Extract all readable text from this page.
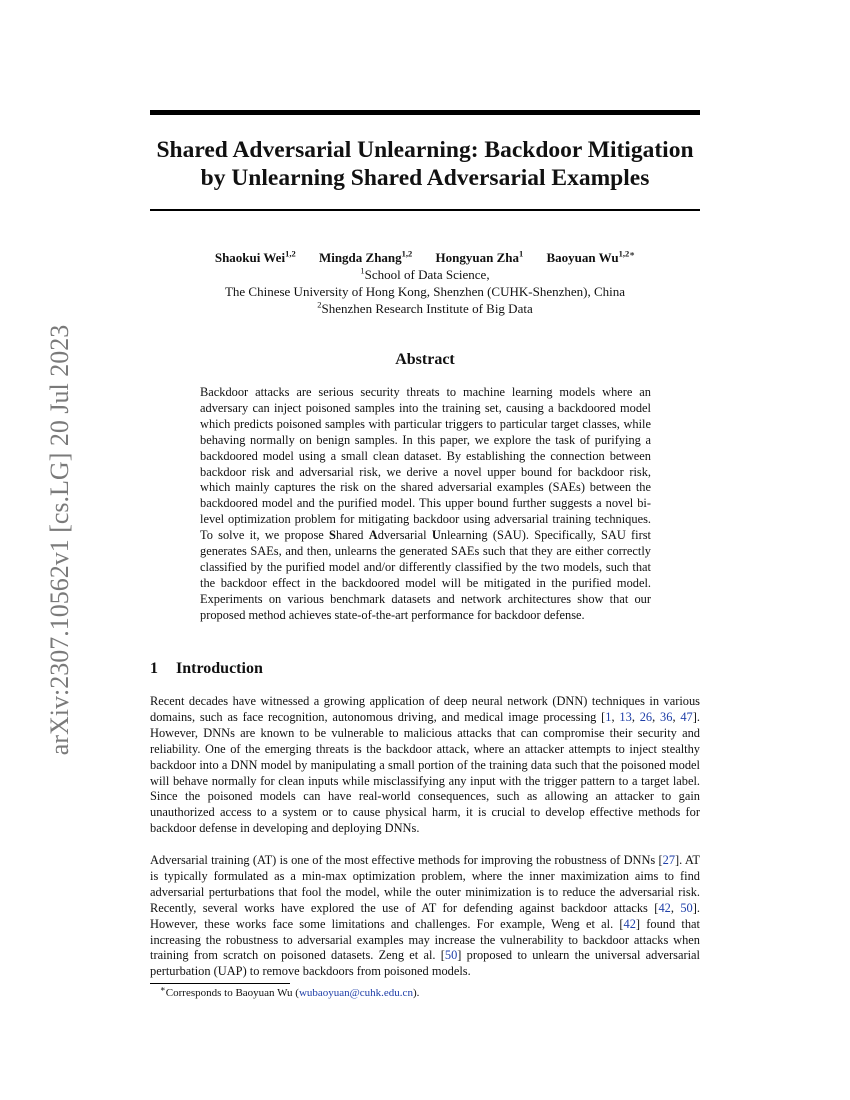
arXiv:2307.10562v1 [cs.LG] 20 Jul 2023
Shared Adversarial Unlearning: Backdoor Mitigation by Unlearning Shared Adversarial Examples
Shaokui Wei$^{1,2}$ Mingda Zhang$^{1,2}$ Hongyuan Zha$^1$ Baoyuan $Wu^{1,2∗}$
$^1$School of Data Science,
The Chinese University of Hong Kong, Shenzhen (CUHK-Shenzhen), China
$^2$Shenzhen Research Institute of Big Data
Abstract
Backdoor attacks are serious security threats to machine learning models where an adversary can inject poisoned samples into the training set, causing a backdoored model which predicts poisoned samples with particular triggers to particular target classes, while behaving normally on benign samples. In this paper, we explore the task of purifying a backdoored model using a small clean dataset. By establishing the connection between backdoor risk and adversarial risk, we derive a novel upper bound for backdoor risk, which mainly captures the risk on the shared adversarial examples (SAEs) between the backdoored model and the purified model. This upper bound further suggests a novel bi-level optimization problem for mitigating backdoor using adversarial training techniques. To solve it, we propose Shared Adversarial Unlearning (SAU). Specifically, SAU first generates SAEs, and then, unlearns the generated SAEs such that they are either correctly classified by the purified model and/or differently classified by the two models, such that the backdoor effect in the backdoored model will be mitigated in the purified model. Experiments on various benchmark datasets and network architectures show that our proposed method achieves state-of-the-art performance for backdoor defense.
1 Introduction
Recent decades have witnessed a growing application of deep neural network (DNN) techniques in various domains, such as face recognition, autonomous driving, and medical image processing [1, 13, 26, 36, 47]. However, DNNs are known to be vulnerable to malicious attacks that can compromise their security and reliability. One of the emerging threats is the backdoor attack, where an attacker attempts to inject stealthy backdoor into a DNN model by manipulating a small portion of the training data such that the poisoned model will behave normally for clean inputs while misclassifying any input with the trigger pattern to a target label. Since the poisoned models can have real-world consequences, such as allowing an attacker to gain unauthorized access to a system or to cause physical harm, it is crucial to develop effective methods for backdoor defense in developing and deploying DNNs.
Adversarial training (AT) is one of the most effective methods for improving the robustness of DNNs [27]. AT is typically formulated as a min-max optimization problem, where the inner maximization aims to find adversarial perturbations that fool the model, while the outer minimization is to reduce the adversarial risk. Recently, several works have explored the use of AT for defending against backdoor attacks [42, 50]. However, these works face some limitations and challenges. For example, Weng et al. [42] found that increasing the robustness to adversarial examples may increase the vulnerability to backdoor attacks when training from scratch on poisoned datasets. Zeng et al. [50] proposed to unlearn the universal adversarial perturbation (UAP) to remove backdoors from poisoned models.
∗Corresponds to Baoyuan Wu (wubaoyuan@cuhk.edu.cn).
